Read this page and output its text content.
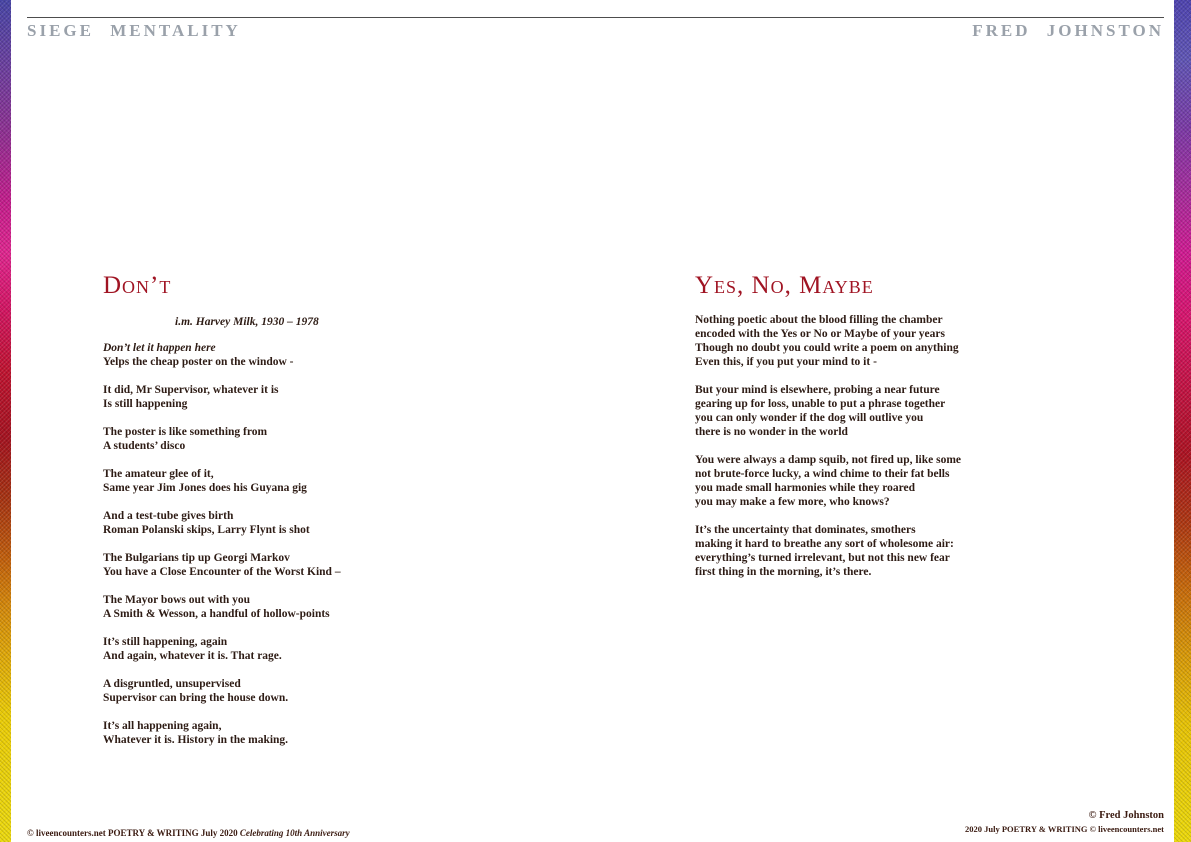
SIEGE MENTALITY	FRED JOHNSTON
Don’t
i.m. Harvey Milk, 1930 – 1978
Don’t let it happen here
Yelps the cheap poster on the window -
It did, Mr Supervisor, whatever it is
Is still happening
The poster is like something from
A students’ disco
The amateur glee of it,
Same year Jim Jones does his Guyana gig
And a test-tube gives birth
Roman Polanski skips, Larry Flynt is shot
The Bulgarians tip up Georgi Markov
You have a Close Encounter of the Worst Kind –
The Mayor bows out with you
A Smith & Wesson, a handful of hollow-points
It’s still happening, again
And again, whatever it is. That rage.
A disgruntled, unsupervised
Supervisor can bring the house down.
It’s all happening again,
Whatever it is. History in the making.
Yes, No, Maybe
Nothing poetic about the blood filling the chamber
encoded with the Yes or No or Maybe of your years
Though no doubt you could write a poem on anything
Even this, if you put your mind to it -
But your mind is elsewhere, probing a near future
gearing up for loss, unable to put a phrase together
you can only wonder if the dog will outlive you
there is no wonder in the world
You were always a damp squib, not fired up, like some
not brute-force lucky, a wind chime to their fat bells
you made small harmonies while they roared
you may make a few more, who knows?
It’s the uncertainty that dominates, smothers
making it hard to breathe any sort of wholesome air:
everything’s turned irrelevant, but not this new fear
first thing in the morning, it’s there.
© liveencounters.net POETRY & WRITING July 2020 Celebrating 10th Anniversary
© Fred Johnston
2020 July POETRY & WRITING © liveencounters.net
